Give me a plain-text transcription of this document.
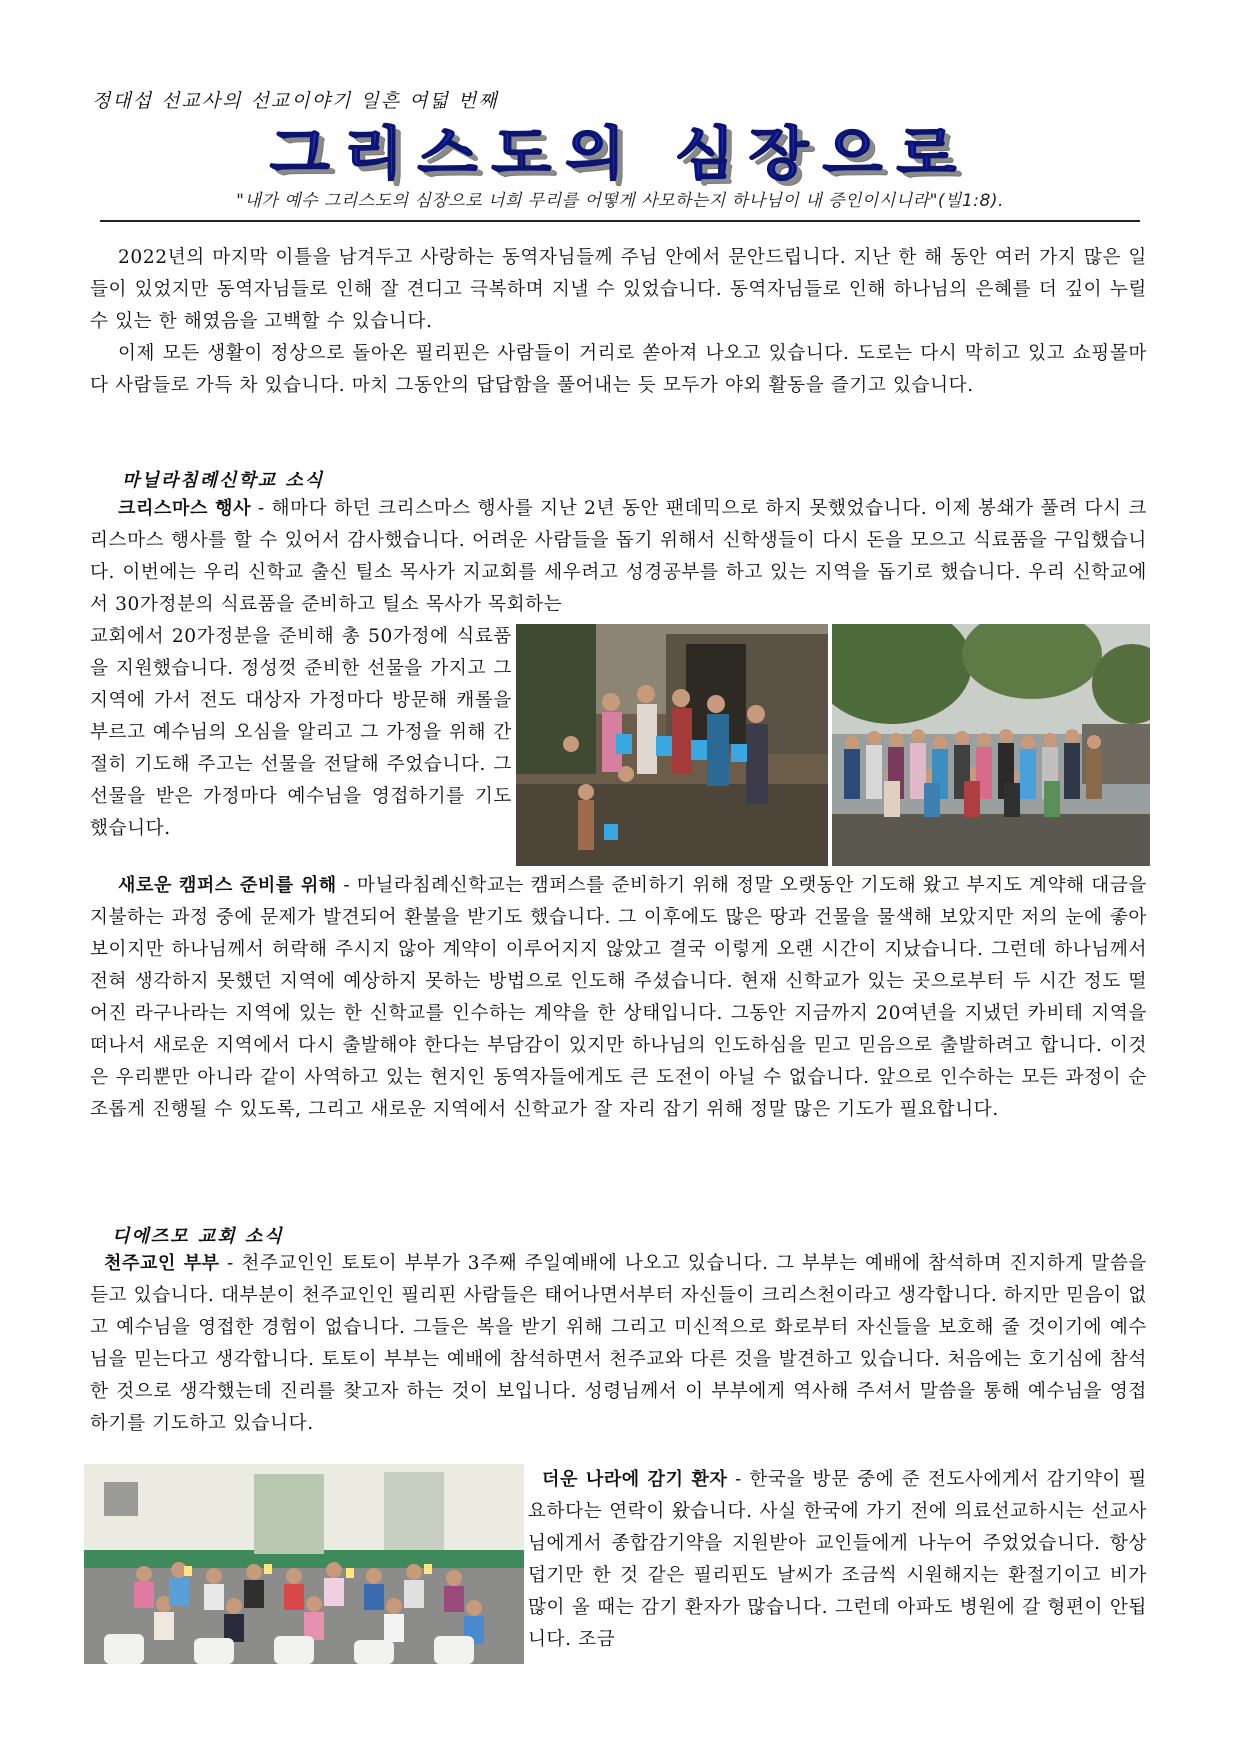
정대섭 선교사의 선교이야기 일흔 여덟 번째
그리스도의 심장으로
"내가 예수 그리스도의 심장으로 너희 무리를 어떻게 사모하는지 하나님이 내 증인이시니라"(빌1:8).

2022년의 마지막 이틀을 남겨두고 사랑하는 동역자님들께 주님 안에서 문안드립니다. 지난 한 해 동안 여러 가지 많은 일들이 있었지만 동역자님들로 인해 잘 견디고 극복하며 지낼 수 있었습니다. 동역자님들로 인해 하나님의 은혜를 더 깊이 누릴 수 있는 한 해였음을 고백할 수 있습니다.

이제 모든 생활이 정상으로 돌아온 필리핀은 사람들이 거리로 쏟아져 나오고 있습니다. 도로는 다시 막히고 있고 쇼핑몰마다 사람들로 가득 차 있습니다. 마치 그동안의 답답함을 풀어내는 듯 모두가 야외 활동을 즐기고 있습니다.

마닐라침례신학교 소식

크리스마스 행사 - 해마다 하던 크리스마스 행사를 지난 2년 동안 팬데믹으로 하지 못했었습니다. 이제 봉쇄가 풀려 다시 크리스마스 행사를 할 수 있어서 감사했습니다. 어려운 사람들을 돕기 위해서 신학생들이 다시 돈을 모으고 식료품을 구입했습니다. 이번에는 우리 신학교 출신 틸소 목사가 지교회를 세우려고 성경공부를 하고 있는 지역을 돕기로 했습니다. 우리 신학교에서 30가정분의 식료품을 준비하고 틸소 목사가 목회하는

교회에서 20가정분을 준비해 총 50가정에 식료품을 지원했습니다. 정성껏 준비한 선물을 가지고 그 지역에 가서 전도 대상자 가정마다 방문해 캐롤을 부르고 예수님의 오심을 알리고 그 가정을 위해 간절히 기도해 주고는 선물을 전달해 주었습니다. 그 선물을 받은 가정마다 예수님을 영접하기를 기도했습니다.

새로운 캠퍼스 준비를 위해 - 마닐라침례신학교는 캠퍼스를 준비하기 위해 정말 오랫동안 기도해 왔고 부지도 계약해 대금을 지불하는 과정 중에 문제가 발견되어 환불을 받기도 했습니다. 그 이후에도 많은 땅과 건물을 물색해 보았지만 저의 눈에 좋아 보이지만 하나님께서 허락해 주시지 않아 계약이 이루어지지 않았고 결국 이렇게 오랜 시간이 지났습니다. 그런데 하나님께서 전혀 생각하지 못했던 지역에 예상하지 못하는 방법으로 인도해 주셨습니다. 현재 신학교가 있는 곳으로부터 두 시간 정도 떨어진 라구나라는 지역에 있는 한 신학교를 인수하는 계약을 한 상태입니다. 그동안 지금까지 20여년을 지냈던 카비테 지역을 떠나서 새로운 지역에서 다시 출발해야 한다는 부담감이 있지만 하나님의 인도하심을 믿고 믿음으로 출발하려고 합니다. 이것은 우리뿐만 아니라 같이 사역하고 있는 현지인 동역자들에게도 큰 도전이 아닐 수 없습니다. 앞으로 인수하는 모든 과정이 순조롭게 진행될 수 있도록, 그리고 새로운 지역에서 신학교가 잘 자리 잡기 위해 정말 많은 기도가 필요합니다.

디에즈모 교회 소식

천주교인 부부 - 천주교인인 토토이 부부가 3주째 주일예배에 나오고 있습니다. 그 부부는 예배에 참석하며 진지하게 말씀을 듣고 있습니다. 대부분이 천주교인인 필리핀 사람들은 태어나면서부터 자신들이 크리스천이라고 생각합니다. 하지만 믿음이 없고 예수님을 영접한 경험이 없습니다. 그들은 복을 받기 위해 그리고 미신적으로 화로부터 자신들을 보호해 줄 것이기에 예수님을 믿는다고 생각합니다. 토토이 부부는 예배에 참석하면서 천주교와 다른 것을 발견하고 있습니다. 처음에는 호기심에 참석한 것으로 생각했는데 진리를 찾고자 하는 것이 보입니다. 성령님께서 이 부부에게 역사해 주셔서 말씀을 통해 예수님을 영접하기를 기도하고 있습니다.

더운 나라에 감기 환자 - 한국을 방문 중에 준 전도사에게서 감기약이 필요하다는 연락이 왔습니다. 사실 한국에 가기 전에 의료선교하시는 선교사님에게서 종합감기약을 지원받아 교인들에게 나누어 주었었습니다. 항상 덥기만 한 것 같은 필리핀도 날씨가 조금씩 시원해지는 환절기이고 비가 많이 올 때는 감기 환자가 많습니다. 그런데 아파도 병원에 갈 형편이 안됩니다. 조금
